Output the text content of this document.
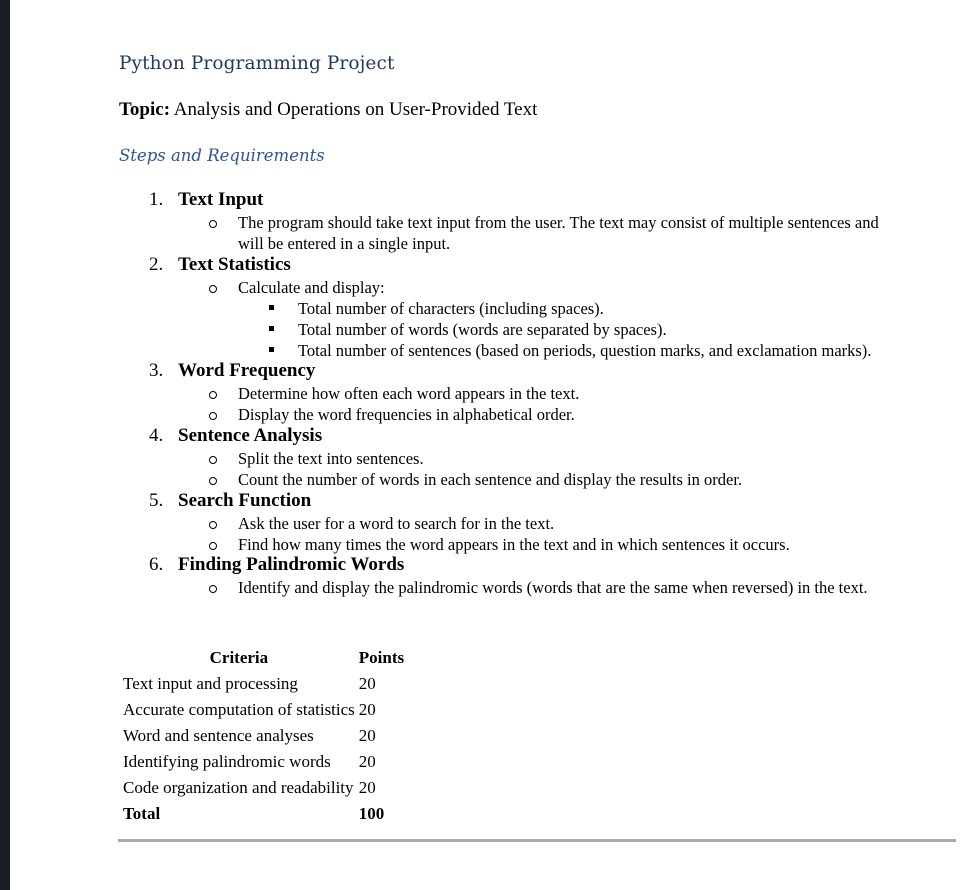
Python Programming Project
Topic: Analysis and Operations on User-Provided Text
Steps and Requirements
1. Text Input
The program should take text input from the user. The text may consist of multiple sentences and
will be entered in a single input.
2. Text Statistics
Calculate and display:
Total number of characters (including spaces).
Total number of words (words are separated by spaces).
Total number of sentences (based on periods, question marks, and exclamation marks).
3. Word Frequency
Determine how often each word appears in the text.
Display the word frequencies in alphabetical order.
4. Sentence Analysis
Split the text into sentences.
Count the number of words in each sentence and display the results in order.
5. Search Function
Ask the user for a word to search for in the text.
Find how many times the word appears in the text and in which sentences it occurs.
6. Finding Palindromic Words
Identify and display the palindromic words (words that are the same when reversed) in the text.
Criteria	Points
Text input and processing	20
Accurate computation of statistics	20
Word and sentence analyses	20
Identifying palindromic words	20
Code organization and readability	20
Total	100
